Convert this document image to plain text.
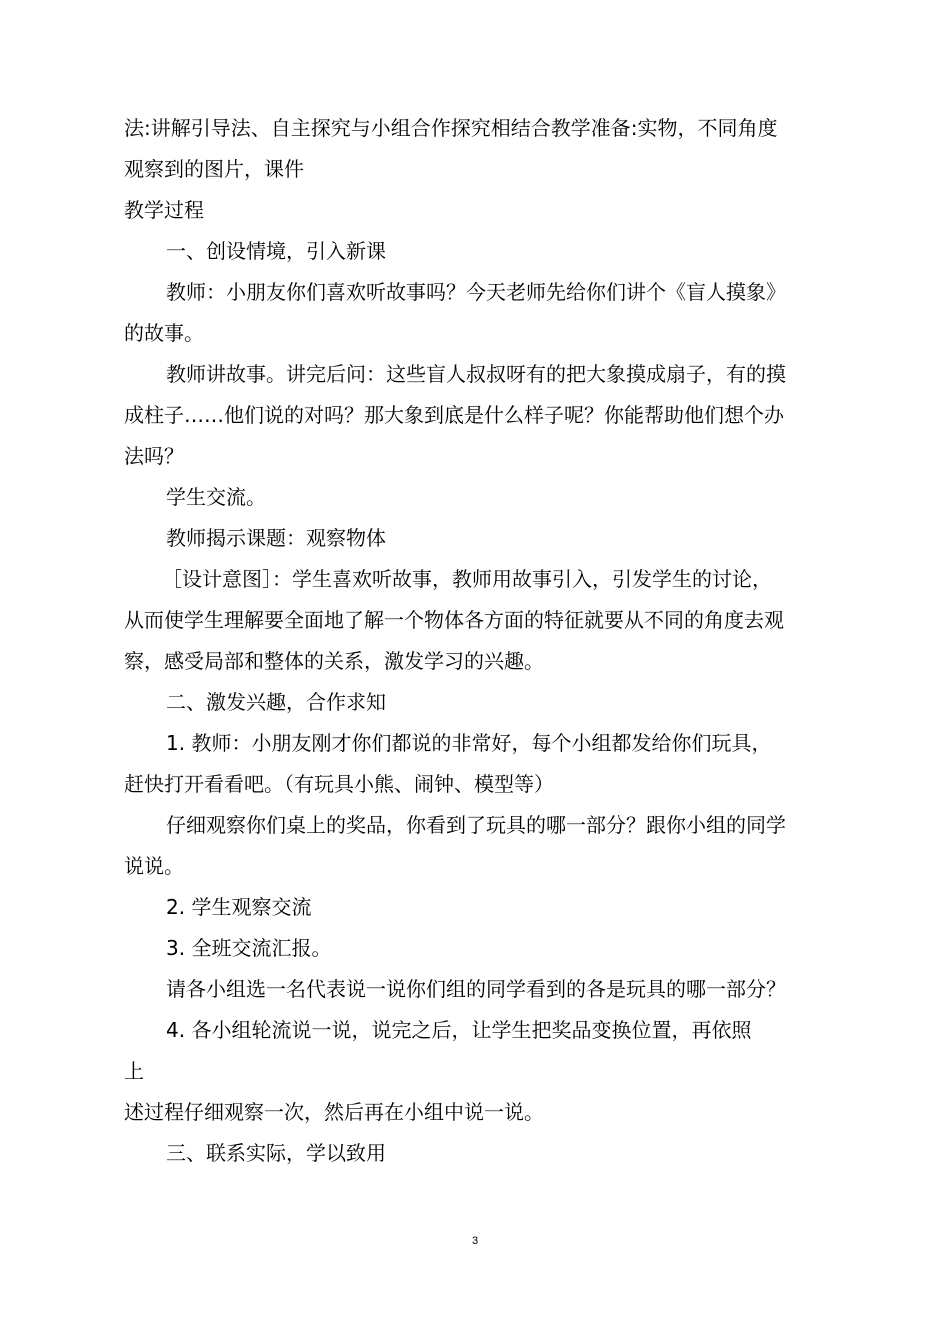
法:讲解引导法、自主探究与小组合作探究相结合教学准备:实物，不同角度

观察到的图片，课件

教学过程

一、创设情境，引入新课

教师：小朋友你们喜欢听故事吗？今天老师先给你们讲个《盲人摸象》

的故事。

教师讲故事。讲完后问：这些盲人叔叔呀有的把大象摸成扇子，有的摸

成柱子……他们说的对吗？那大象到底是什么样子呢？你能帮助他们想个办

法吗？

学生交流。

教师揭示课题：观察物体

［设计意图］：学生喜欢听故事，教师用故事引入，引发学生的讨论，

从而使学生理解要全面地了解一个物体各方面的特征就要从不同的角度去观

察，感受局部和整体的关系，激发学习的兴趣。

二、激发兴趣，合作求知

1. 教师：小朋友刚才你们都说的非常好，每个小组都发给你们玩具，

赶快打开看看吧。（有玩具小熊、闹钟、模型等）

仔细观察你们桌上的奖品，你看到了玩具的哪一部分？跟你小组的同学

说说。

2. 学生观察交流

3. 全班交流汇报。

请各小组选一名代表说一说你们组的同学看到的各是玩具的哪一部分？

4. 各小组轮流说一说，说完之后，让学生把奖品变换位置，再依照

上

述过程仔细观察一次，然后再在小组中说一说。

三、联系实际，学以致用

3
